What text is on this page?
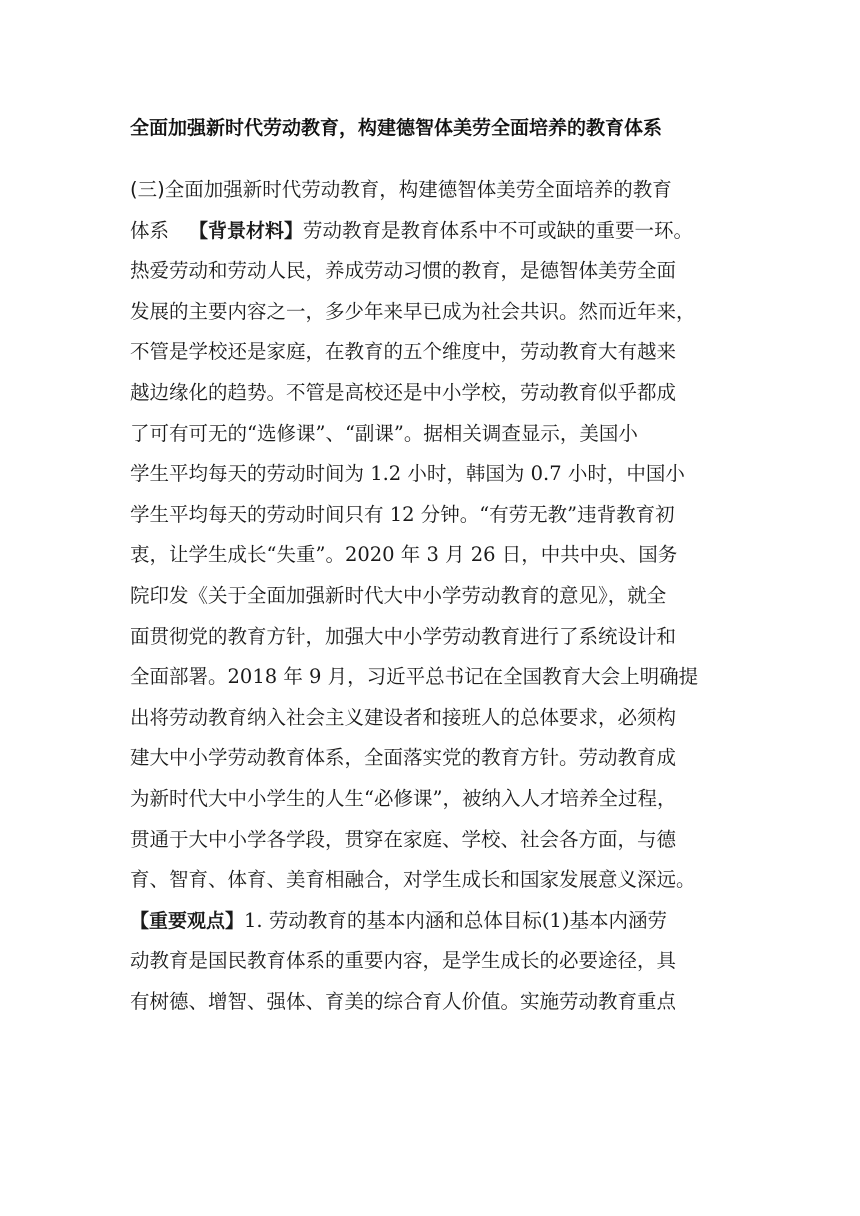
全面加强新时代劳动教育，构建德智体美劳全面培养的教育体系
(三)全面加强新时代劳动教育，构建德智体美劳全面培养的教育
体系 【背景材料】劳动教育是教育体系中不可或缺的重要一环。
热爱劳动和劳动人民，养成劳动习惯的教育，是德智体美劳全面
发展的主要内容之一，多少年来早已成为社会共识。然而近年来，
不管是学校还是家庭，在教育的五个维度中，劳动教育大有越来
越边缘化的趋势。不管是高校还是中小学校，劳动教育似乎都成
了可有可无的“选修课”、“副课”。据相关调查显示，美国小
学生平均每天的劳动时间为 1.2 小时，韩国为 0.7 小时，中国小
学生平均每天的劳动时间只有 12 分钟。“有劳无教”违背教育初
衷，让学生成长“失重”。2020 年 3 月 26 日，中共中央、国务
院印发《关于全面加强新时代大中小学劳动教育的意见》，就全
面贯彻党的教育方针，加强大中小学劳动教育进行了系统设计和
全面部署。2018 年 9 月，习近平总书记在全国教育大会上明确提
出将劳动教育纳入社会主义建设者和接班人的总体要求，必须构
建大中小学劳动教育体系，全面落实党的教育方针。劳动教育成
为新时代大中小学生的人生“必修课”，被纳入人才培养全过程，
贯通于大中小学各学段，贯穿在家庭、学校、社会各方面，与德
育、智育、体育、美育相融合，对学生成长和国家发展意义深远。
【重要观点】1. 劳动教育的基本内涵和总体目标(1)基本内涵劳
动教育是国民教育体系的重要内容，是学生成长的必要途径，具
有树德、增智、强体、育美的综合育人价值。实施劳动教育重点
